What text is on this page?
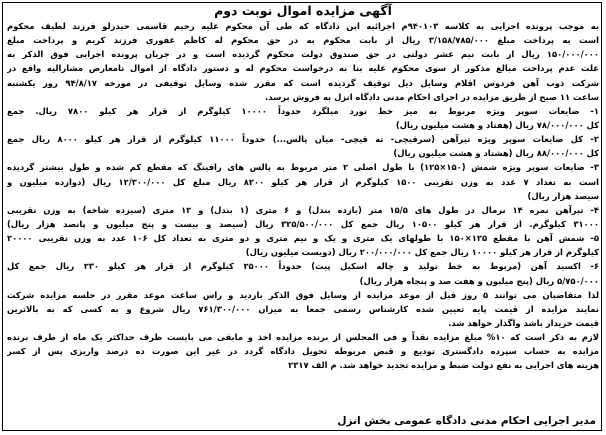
آگهی مزایده اموال نوبت دوم
به موجب پرونده اجرایی به کلاسه ۹۴۰۱۰۳م اجرائیه این دادگاه که طی آن محکوم علیه رحیم قاسمی حیدرلو فرزند لطیف محکوم
است به پرداخت مبلغ ۳/۱۵۸/۷۸۵/۰۰۰ ریال از بابت محکوم به در حق محکوم له کاظم غفوری فرزند کریم و پرداخت مبلغ
۱۵۰/۰۰۰/۰۰۰ ریال از بابت نیم عشر دولتی در حق صندوق دولت محکوم گردیده است و در جریان پرونده اجرایی فوق الذکر به
علت عدم پرداخت مبالغ مذکور از سوی محکوم علیه بنا به درخواست محکوم له و دستور دادگاه از اموال نامعارض مشارالیه واقع در
شرکت ذوب آهن فردوس اقلام وسایل ذیل توقیف گردیده است که مقرر شده وسایل توقیفی در مورخه ۹۴/۸/۱۷ روز یکشنبه
ساعت ۱۱ صبح از طریق مزایده در اجرای احکام مدنی دادگاه انزل به فروش برسد.
۱- ضایعات سوپر ویژه مربوط به میز خط نورد میلگرد حدوداً ۱۰۰۰۰ کیلوگرم از قرار هر کیلو ۷۸۰۰ ریال. جمع
کل ۷۸/۰۰۰/۰۰۰ ریال (هفتاد و هشت میلیون ریال)
۲- کل ضایعات سوپر ویژه تیرآهن (سرقیچی- ته قیچی- میان پالس...) حدوداً ۱۱۰۰۰ کیلوگرم از قرار هر کیلو ۸۰۰۰ ریال جمع
کل ۸۸/۰۰۰/۰۰۰ ریال (هشتاد و هشت میلیون ریال)
۳- ضایعات سوپر ویژه شمش (۱۵۰×۱۲۵) با طول اصلی ۲ متر مربوط به پالس های رافینگ که مقطع کم شده و طول بیشتر گردیده
است به تعداد ۷ عدد به وزن تقریبی ۱۵۰۰ کیلوگرم از قرار هر کیلو ۸۲۰۰ ریال مبلغ کل ۱۲/۳۰۰/۰۰۰ ریال (دوازده میلیون و
سیصد هزار ریال)
۴- تیرآهن نمره ۱۴ نرمال در طول های ۱۵/۵ متر (یازده بندل) و ۶ متری (۱ بندل) و ۱۲ متری (سیزده شاخه) به وزن تقریبی
۳۱۰۰۰ کیلوگرم. از قرار هر کیلو ۱۰۵۰۰ ریال جمع کل ۳۲۵/۵۰۰/۰۰۰ ریال (سیصد و بیست و پنج میلیون و پانصد هزار ریال)
۵- شمش آهن با مقطع ۱۲۵×۱۵۰ با طولهای یک متری و یک و نیم متری و دو متری به تعداد کل ۱۰۶ عدد به وزن تقریبی ۲۰۰۰۰
کیلوگرم از قرار هر کیلو ۱۰۰۰۰ ریال جمع کل ۲۰۰/۰۰۰/۰۰۰ ریال (دویست میلیون ریال)
۶- اکسید آهن (مربوط به خط تولید و چاله اسکیل پیت) حدوداً ۲۵۰۰۰ کیلوگرم از قرار هر کیلو ۲۳۰ ریال جمع کل
۵/۷۵۰/۰۰۰ ریال (پنج میلیون و هفت صد و پنجاه هزار ریال)
لذا متقاضیان می توانند ۵ روز قبل از موعد مزایده از وسایل فوق الذکر بازدید و راس ساعت موعد مقرر در جلسه مزایده شرکت
نمایند مزایده از قیمت پایه تعیین شده کارشناس رسمی جمعا به میزان ۷۶۱/۳۰۰/۰۰۰ ریال شروع و به کسی که به بالاترین
قیمت خریدار باشد واگذار خواهد شد.
لازم به ذکر است که ۱۰% مبلغ مزایده نقداً و فی المجلس از برنده مزایده اخذ و مابقی می بایست ظرف حداکثر یک ماه از طرف برنده
مزایده به حساب سپرده دادگستری تودیع و قبض مربوطه تحویل دادگاه گردد در غیر این صورت ده درصد واریزی پس از کسر
هزینه های اجرایی به نفع دولت ضبط و مزایده تجدید خواهد شد. م الف ۲۳۱۷
مدیر اجرایی احکام مدنی دادگاه عمومی بخش انزل
